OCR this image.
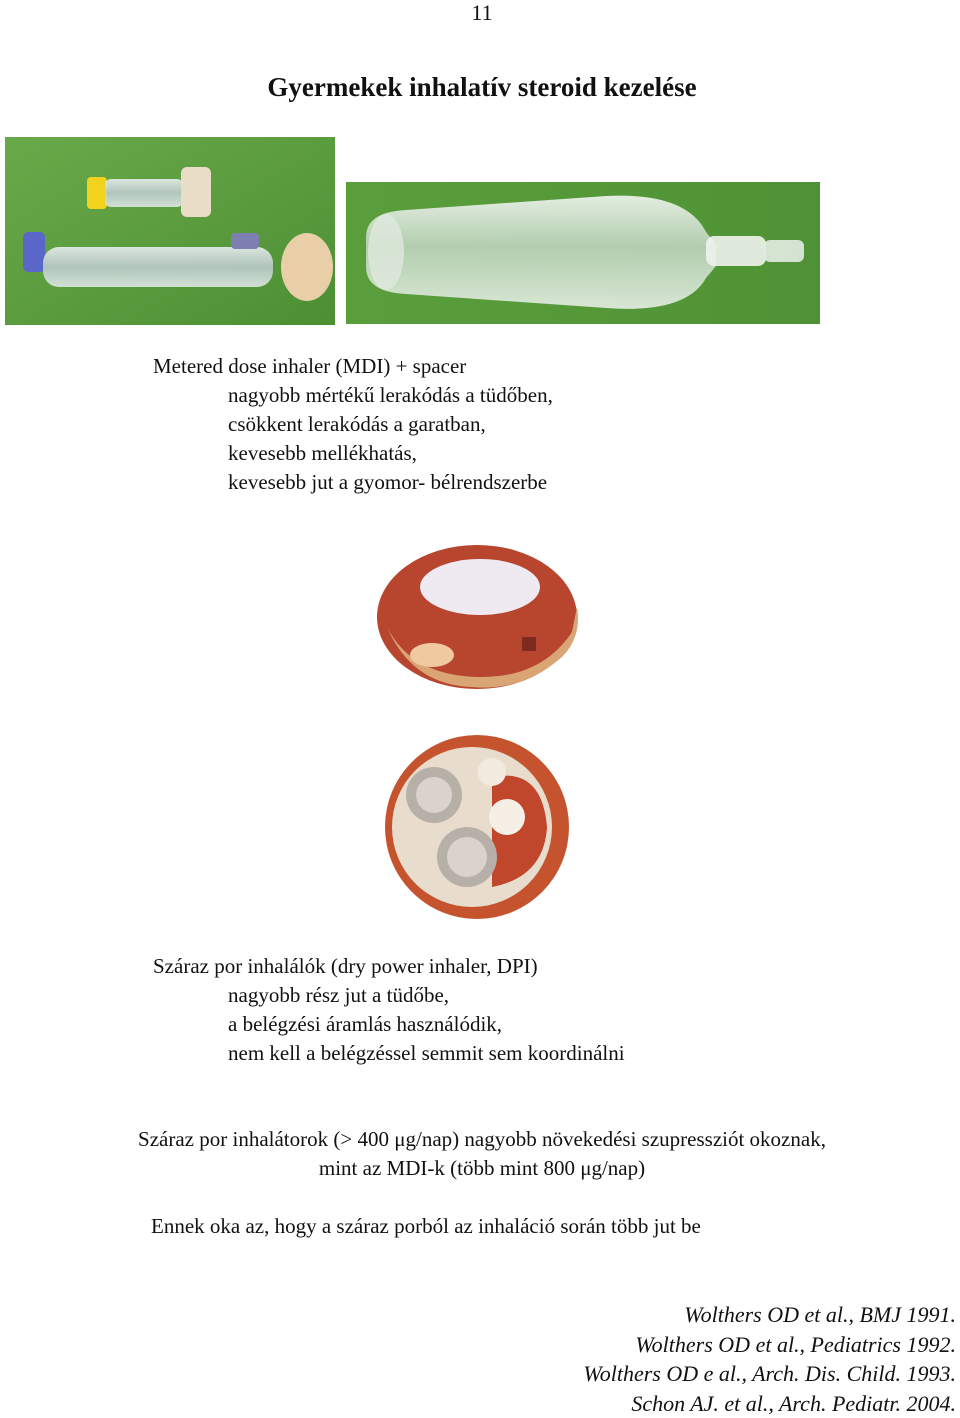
11
Gyermekek inhalatív steroid kezelése
Metered dose inhaler (MDI) + spacer
nagyobb mértékű lerakódás a tüdőben,
csökkent lerakódás a garatban,
kevesebb mellékhatás,
kevesebb jut a gyomor- bélrendszerbe
Száraz por inhalálók (dry power inhaler, DPI)
nagyobb rész jut a tüdőbe,
a belégzési áramlás használódik,
nem kell a belégzéssel semmit sem koordinálni
Száraz por inhalátorok (> 400 μg/nap) nagyobb növekedési szupressziót okoznak,
mint az MDI-k (több mint 800 μg/nap)
Ennek oka az, hogy a száraz porból az inhaláció során több jut be
Wolthers OD et al., BMJ 1991.
Wolthers OD et al., Pediatrics 1992.
Wolthers OD e al., Arch. Dis. Child. 1993.
Schon AJ. et al., Arch. Pediatr. 2004.
